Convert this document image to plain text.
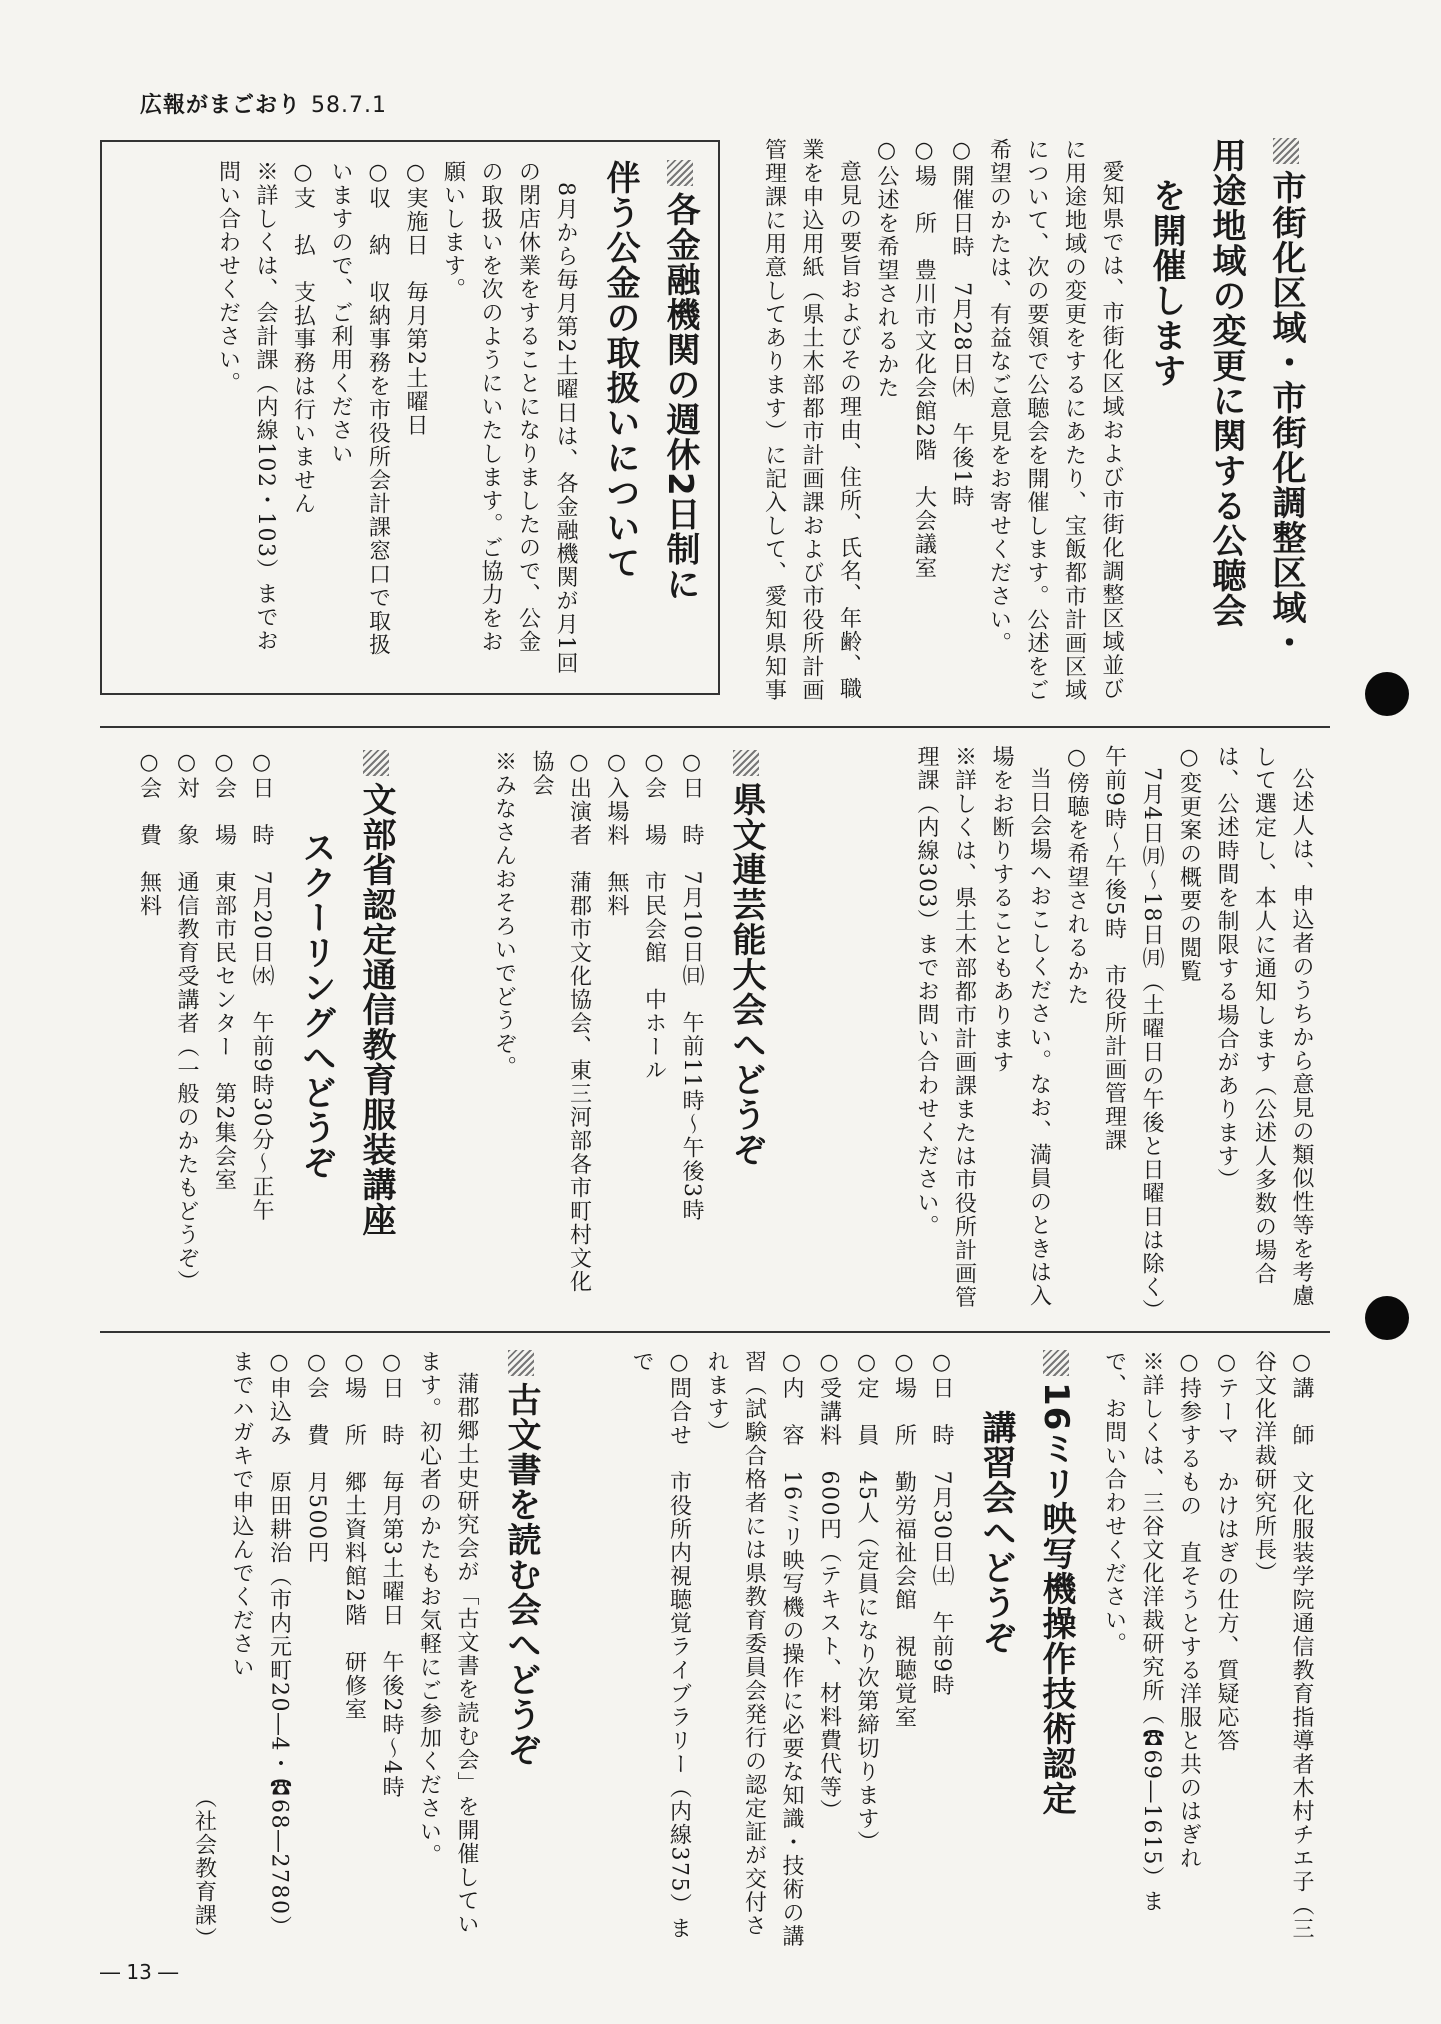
広報がまごおり 58.7.1
市街化区域・市街化調整区域・
用途地域の変更に関する公聴会
を開催します

愛知県では、市街化区域および市街化調整区域並びに用途地域の変更をするにあたり、宝飯都市計画区域について、次の要領で公聴会を開催します。公述をご希望のかたは、有益なご意見をお寄せください。

○開催日時7月28日㈭　午後1時
○場　所豊川市文化会館2階　大会議室
○公述を希望されるかた

意見の要旨およびその理由、住所、氏名、年齢、職業を申込用紙（県土木部都市計画課および市役所計画管理課に用意してあります）に記入して、愛知県知事

各金融機関の週休2日制に
伴う公金の取扱いについて

8月から毎月第2土曜日は、各金融機関が月1回の閉店休業をすることになりましたので、公金の取扱いを次のようにいたします。ご協力をお願いします。

○実施日毎月第2土曜日
○収　納収納事務を市役所会計課窓口で取扱いますので、ご利用ください
○支　払支払事務は行いません
※詳しくは、会計課（内線102・103）までお問い合わせください。

公述人は、申込者のうちから意見の類似性等を考慮して選定し、本人に通知します（公述人多数の場合は、公述時間を制限する場合があります）

○変更案の概要の閲覧

7月4日㈪～18日㈪（土曜日の午後と日曜日は除く）午前9時～午後5時　市役所計画管理課

○傍聴を希望されるかた

当日会場へおこしください。なお、満員のときは入場をお断りすることもあります

※詳しくは、県土木部都市計画課または市役所計画管理課（内線303）までお問い合わせください。
県文連芸能大会へどうぞ
○日　時7月10日㈰　午前11時～午後3時
○会　場市民会館　中ホール
○入場料無料
○出演者蒲郡市文化協会、東三河部各市町村文化協会
※みなさんおそろいでどうぞ。
文部省認定通信教育服装講座
スクーリングへどうぞ
○日　時7月20日㈬　午前9時30分～正午
○会　場東部市民センター　第2集会室
○対　象通信教育受講者（一般のかたもどうぞ）
○会　費無料
○講　師文化服装学院通信教育指導者木村チエ子（三谷文化洋裁研究所長）
○テーマかけはぎの仕方、質疑応答
○持参するもの直そうとする洋服と共のはぎれ
※詳しくは、三谷文化洋裁研究所（☎69―1615）まで、お問い合わせください。
16ミリ映写機操作技術認定
講習会へどうぞ
○日　時7月30日㈯　午前9時
○場　所勤労福祉会館　視聴覚室
○定　員45人（定員になり次第締切ります）
○受講料600円（テキスト、材料費代等）
○内　容16ミリ映写機の操作に必要な知識・技術の講習（試験合格者には県教育委員会発行の認定証が交付されます）
○問合せ市役所内視聴覚ライブラリー（内線375）まで
古文書を読む会へどうぞ

蒲郡郷土史研究会が「古文書を読む会」を開催しています。初心者のかたもお気軽にご参加ください。

○日　時毎月第3土曜日　午後2時～4時
○場　所郷土資料館2階　研修室
○会　費月500円
○申込み原田耕治（市内元町20―4・☎68―2780）までハガキで申込んでください
（社会教育課）
― 13 ―
